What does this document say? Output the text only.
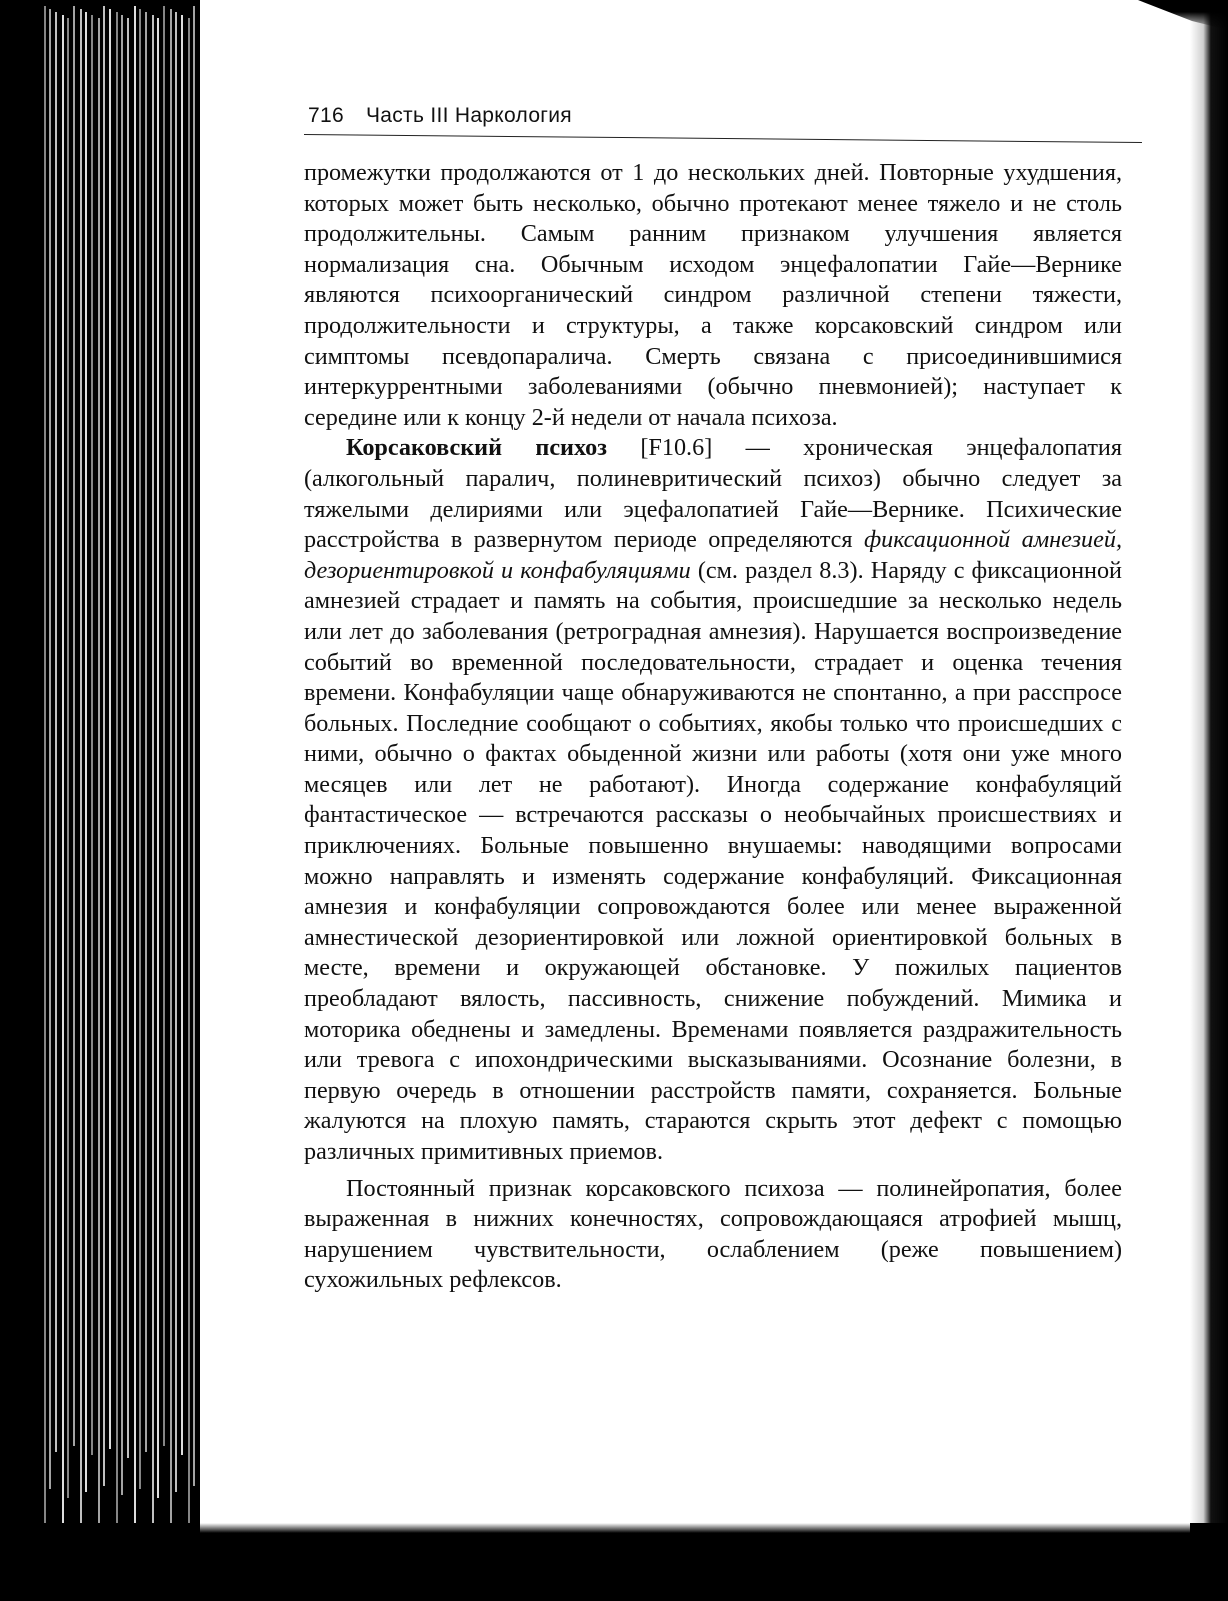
716 Часть III Наркология

промежутки продолжаются от 1 до нескольких дней. Повторные ухудшения, которых может быть несколько, обычно протекают менее тяжело и не столь продолжительны. Самым ранним признаком улучшения является нормализация сна. Обычным исходом энцефалопатии Гайе—Вернике являются психоорганический синдром различной степени тяжести, продолжительности и структуры, а также корсаковский синдром или симптомы псевдопаралича. Смерть связана с присоединившимися интеркуррентными заболеваниями (обычно пневмонией); наступает к середине или к концу 2-й недели от начала психоза.

Корсаковский психоз [F10.6] — хроническая энцефалопатия (алкогольный паралич, полиневритический психоз) обычно следует за тяжелыми делириями или эцефалопатией Гайе—Вернике. Психические расстройства в развернутом периоде определяются фиксационной амнезией, дезориентировкой и конфабуляциями (см. раздел 8.3). Наряду с фиксационной амнезией страдает и память на события, происшедшие за несколько недель или лет до заболевания (ретроградная амнезия). Нарушается воспроизведение событий во временной последовательности, страдает и оценка течения времени. Конфабуляции чаще обнаруживаются не спонтанно, а при расспросе больных. Последние сообщают о событиях, якобы только что происшедших с ними, обычно о фактах обыденной жизни или работы (хотя они уже много месяцев или лет не работают). Иногда содержание конфабуляций фантастическое — встречаются рассказы о необычайных происшествиях и приключениях. Больные повышенно внушаемы: наводящими вопросами можно направлять и изменять содержание конфабуляций. Фиксационная амнезия и конфабуляции сопровождаются более или менее выраженной амнестической дезориентировкой или ложной ориентировкой больных в месте, времени и окружающей обстановке. У пожилых пациентов преобладают вялость, пассивность, снижение побуждений. Мимика и моторика обеднены и замедлены. Временами появляется раздражительность или тревога с ипохондрическими высказываниями. Осознание болезни, в первую очередь в отношении расстройств памяти, сохраняется. Больные жалуются на плохую память, стараются скрыть этот дефект с помощью различных примитивных приемов.

Постоянный признак корсаковского психоза — полинейропатия, более выраженная в нижних конечностях, сопровождающаяся атрофией мышц, нарушением чувствительности, ослаблением (реже повышением) сухожильных рефлексов.
